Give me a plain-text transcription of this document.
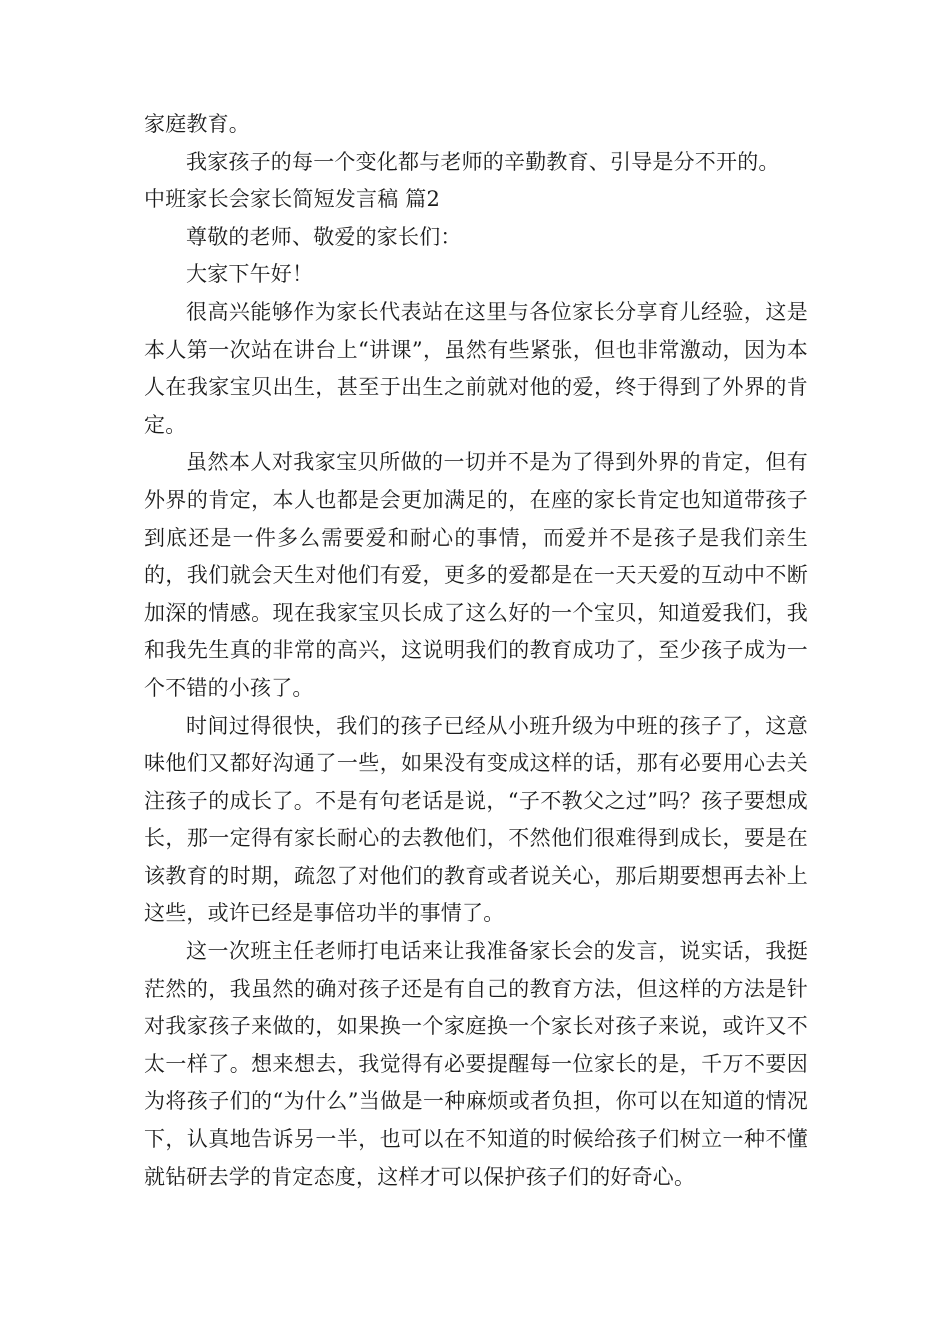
家庭教育。

我家孩子的每一个变化都与老师的辛勤教育、引导是分不开的。

中班家长会家长简短发言稿 篇2

尊敬的老师、敬爱的家长们：

大家下午好！

很高兴能够作为家长代表站在这里与各位家长分享育儿经验，这是本人第一次站在讲台上“讲课”，虽然有些紧张，但也非常激动，因为本人在我家宝贝出生，甚至于出生之前就对他的爱，终于得到了外界的肯定。

虽然本人对我家宝贝所做的一切并不是为了得到外界的肯定，但有外界的肯定，本人也都是会更加满足的，在座的家长肯定也知道带孩子到底还是一件多么需要爱和耐心的事情，而爱并不是孩子是我们亲生的，我们就会天生对他们有爱，更多的爱都是在一天天爱的互动中不断加深的情感。现在我家宝贝长成了这么好的一个宝贝，知道爱我们，我和我先生真的非常的高兴，这说明我们的教育成功了，至少孩子成为一个不错的小孩了。

时间过得很快，我们的孩子已经从小班升级为中班的孩子了，这意味他们又都好沟通了一些，如果没有变成这样的话，那有必要用心去关注孩子的成长了。不是有句老话是说，“子不教父之过”吗？孩子要想成长，那一定得有家长耐心的去教他们，不然他们很难得到成长，要是在该教育的时期，疏忽了对他们的教育或者说关心，那后期要想再去补上这些，或许已经是事倍功半的事情了。

这一次班主任老师打电话来让我准备家长会的发言，说实话，我挺茫然的，我虽然的确对孩子还是有自己的教育方法，但这样的方法是针对我家孩子来做的，如果换一个家庭换一个家长对孩子来说，或许又不太一样了。想来想去，我觉得有必要提醒每一位家长的是，千万不要因为将孩子们的“为什么”当做是一种麻烦或者负担，你可以在知道的情况下，认真地告诉另一半，也可以在不知道的时候给孩子们树立一种不懂就钻研去学的肯定态度，这样才可以保护孩子们的好奇心。
